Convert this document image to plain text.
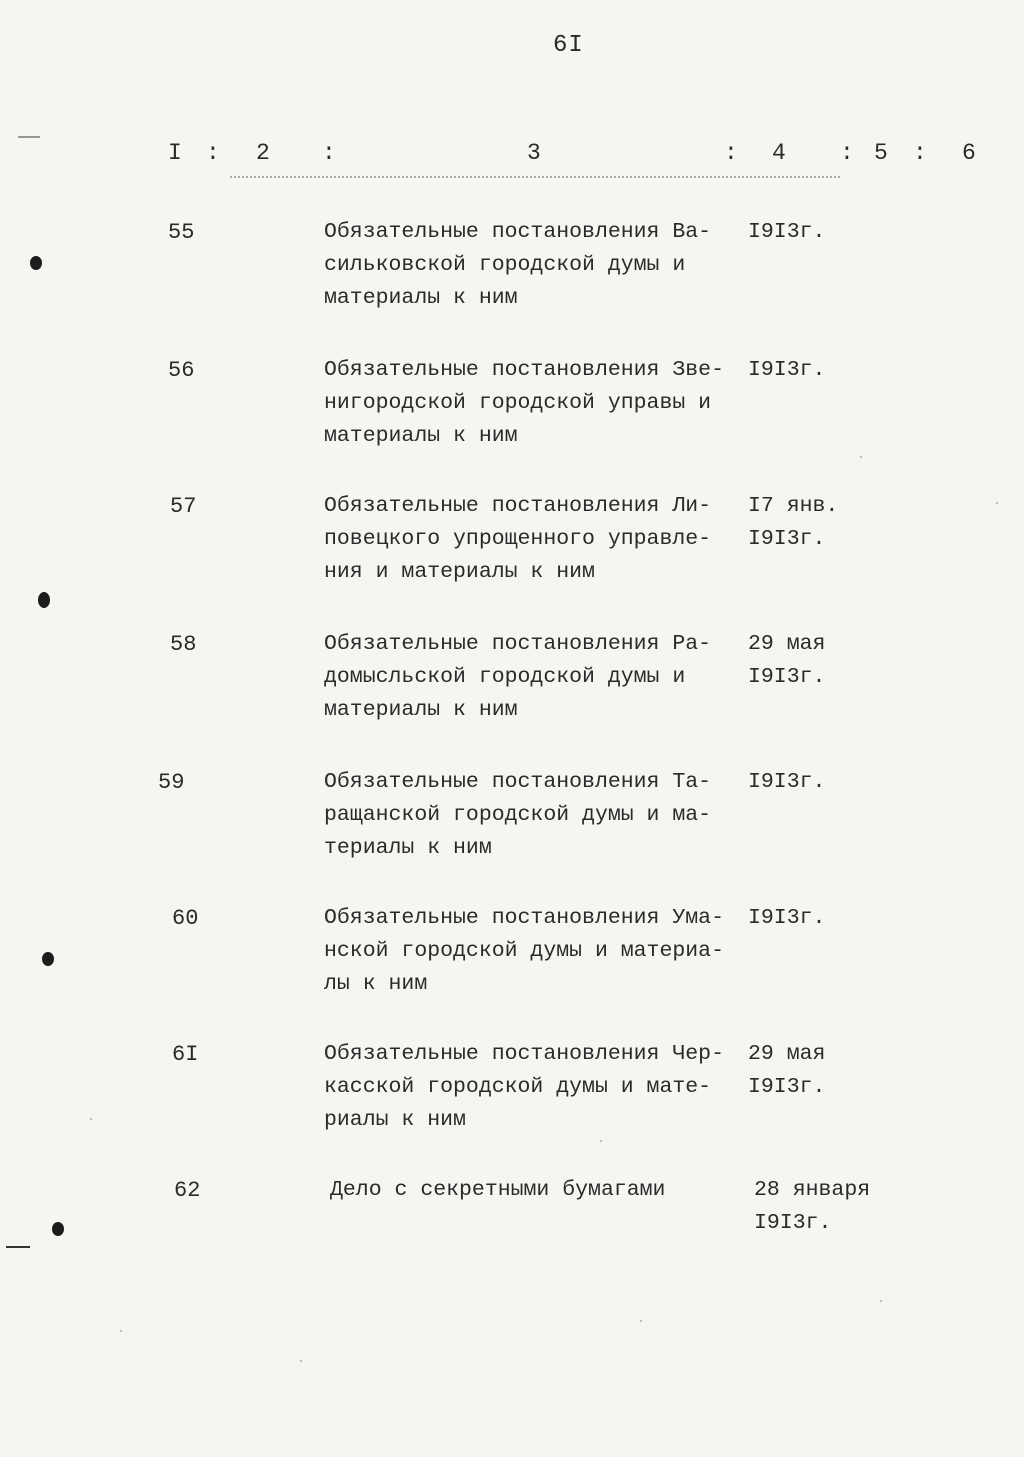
6I
I : 2 :	3	: 4 : 5 : 6
55	Обязательные постановления Ва-
сильковской городской думы и
материалы к ним
I9I3г.
56	Обязательные постановления Зве-
нигородской городской управы и
материалы к ним
I9I3г.
57	Обязательные постановления Ли-
повецкого упрощенного управле-
ния и материалы к ним
I7 янв.
I9I3г.
58	Обязательные постановления Ра-
домысльской городской думы и
материалы к ним
29 мая
I9I3г.
59	Обязательные постановления Та-
ращанской городской думы и ма-
териалы к ним
I9I3г.
60	Обязательные постановления Ума-
нской городской думы и материа-
лы к ним
I9I3г.
6I	Обязательные постановления Чер-
касской городской думы и мате-
риалы к ним
29 мая
I9I3г.
62	Дело с секретными бумагами	28 января
I9I3г.
